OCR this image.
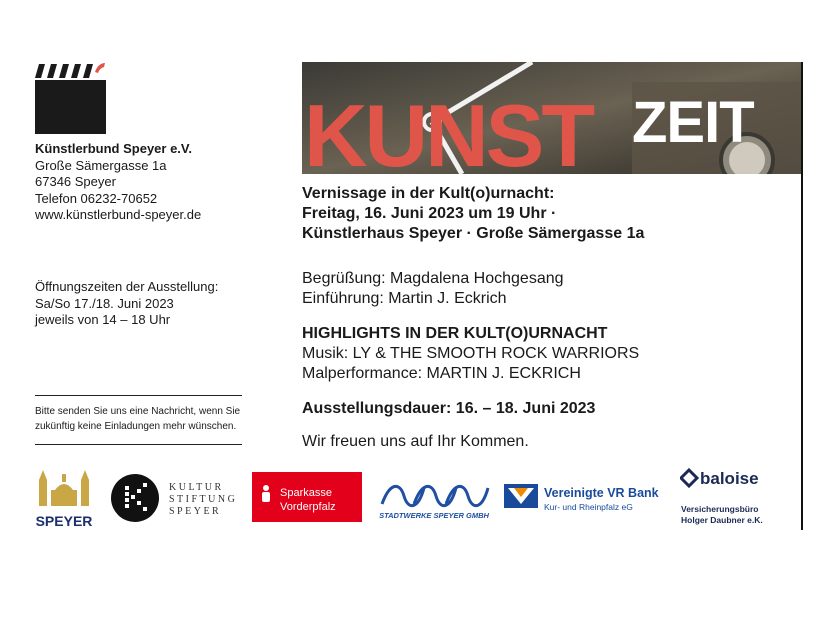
Künstlerbund Speyer e.V.
Große Sämergasse 1a
67346 Speyer
Telefon 06232-70652
www.künstlerbund-speyer.de
Öffnungszeiten der Ausstellung:
Sa/So 17./18. Juni 2023
jeweils von 14 – 18 Uhr
Bitte senden Sie uns eine Nachricht, wenn Sie
zukünftig keine Einladungen mehr wünschen.
KUNST ZEIT
Vernissage in der Kult(o)urnacht:
Freitag, 16. Juni 2023 um 19 Uhr ·
Künstlerhaus Speyer · Große Sämergasse 1a
Begrüßung: Magdalena Hochgesang
Einführung: Martin J. Eckrich
HIGHLIGHTS IN DER KULT(O)URNACHT
Musik: LY & THE SMOOTH ROCK WARRIORS
Malperformance: MARTIN J. ECKRICH
Ausstellungsdauer: 16. – 18. Juni 2023
Wir freuen uns auf Ihr Kommen.
SPEYER
KULTUR
STIFTUNG
SPEYER
Sparkasse
Vorderpfalz
STADTWERKE SPEYER GMBH
Vereinigte VR Bank
Kur- und Rheinpfalz eG
baloise
Versicherungsbüro
Holger Daubner e.K.
